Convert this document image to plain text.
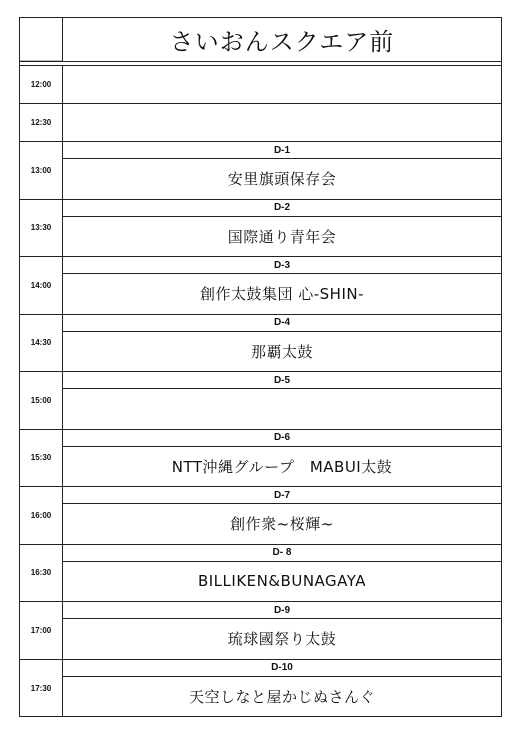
さいおんスクエア前
12:00
12:30
13:00
D-1
安里旗頭保存会
13:30
D-2
国際通り青年会
14:00
D-3
創作太鼓集団 心-SHIN-
14:30
D-4
那覇太鼓
15:00
D-5
15:30
D-6
NTT沖縄グループ　MABUI太鼓
16:00
D-7
創作衆~桜輝~
16:30
D- 8
BILLIKEN&BUNAGAYA
17:00
D-9
琉球國祭り太鼓
17:30
D-10
天空しなと屋かじぬさんぐ
